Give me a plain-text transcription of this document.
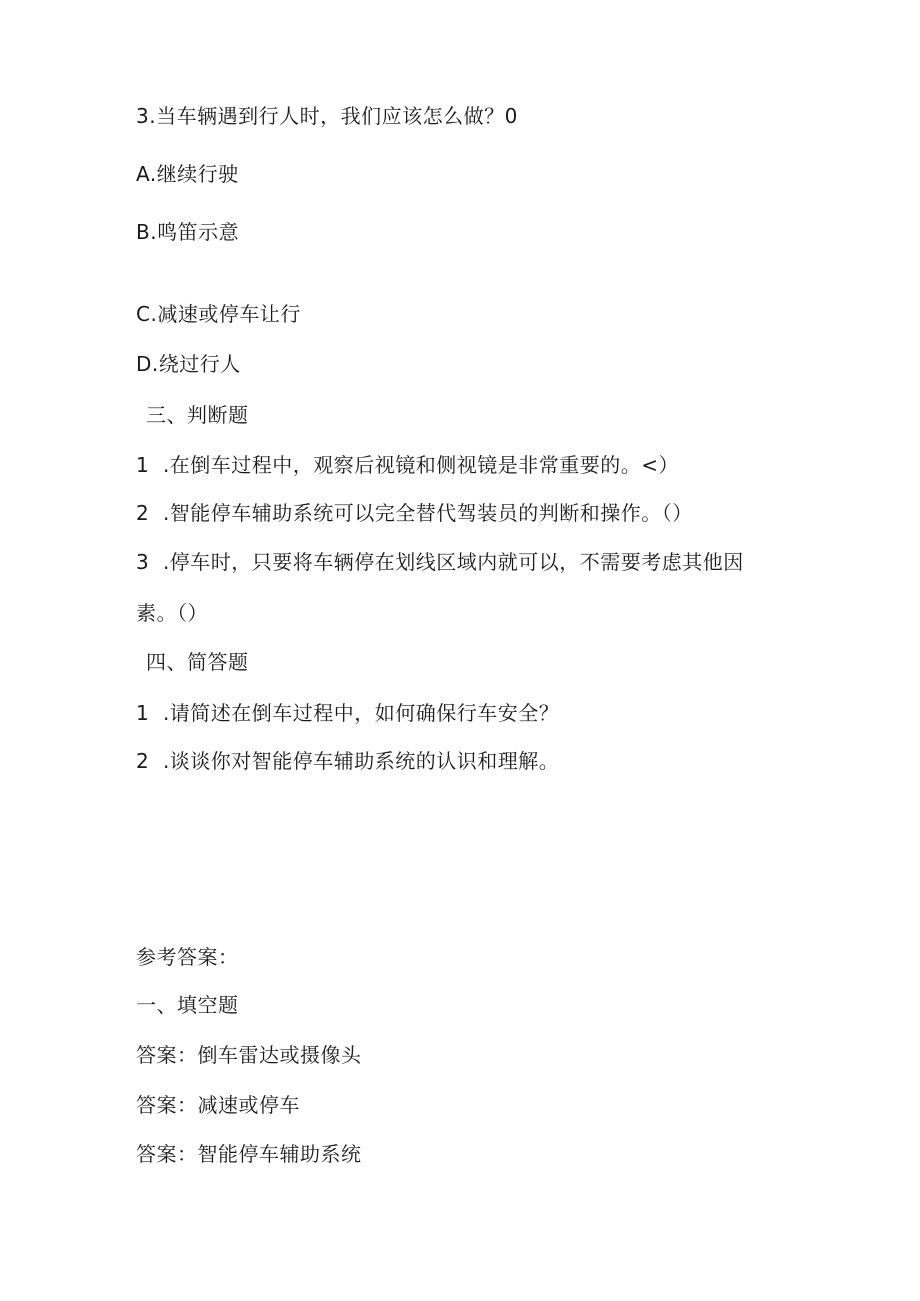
3.当车辆遇到行人时，我们应该怎么做？0
A.继续行驶
B.鸣笛示意
C.减速或停车让行
D.绕过行人
三、判断题
1  .在倒车过程中，观察后视镜和侧视镜是非常重要的。<）
2  .智能停车辅助系统可以完全替代驾装员的判断和操作。（）
3  .停车时，只要将车辆停在划线区域内就可以，不需要考虑其他因
素。（）
四、简答题
1  .请简述在倒车过程中，如何确保行车安全？
2  .谈谈你对智能停车辅助系统的认识和理解。
参考答案：
一、填空题
答案：倒车雷达或摄像头
答案：减速或停车
答案：智能停车辅助系统
